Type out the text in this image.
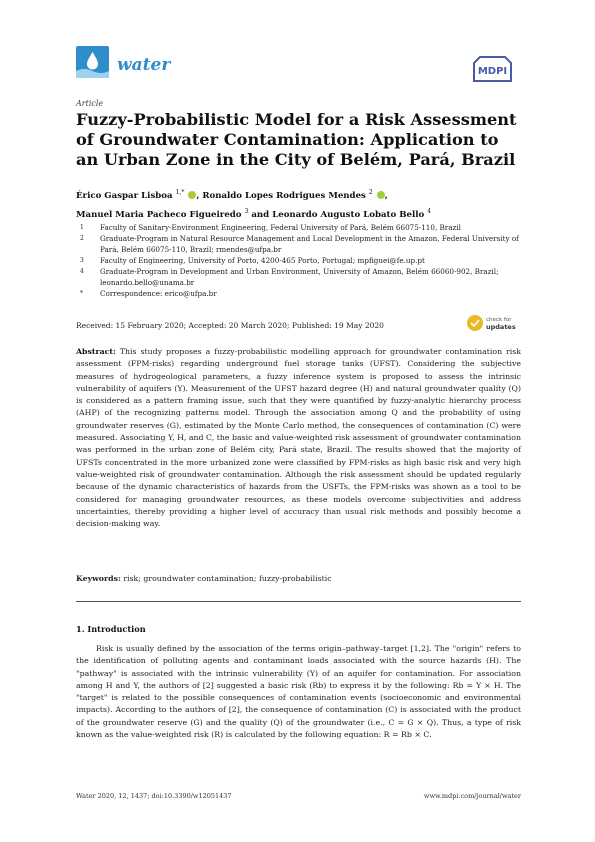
water	MDPI
Article
Fuzzy-Probabilistic Model for a Risk Assessment of Groundwater Contamination: Application to an Urban Zone in the City of Belém, Pará, Brazil
Érico Gaspar Lisboa $^{1,*}$ , Ronaldo Lopes Rodrigues Mendes $^2$ ,
Manuel Maria Pacheco Figueiredo $^3$ and Leonardo Augusto Lobato Bello $^4$
1	Faculty of Sanitary-Environment Engineering, Federal University of Pará, Belém 66075-110, Brazil
2	Graduate-Program in Natural Resource Management and Local Development in the Amazon, Federal University of Pará, Belém 66075-110, Brazil; rmendes@ufpa.br
3	Faculty of Engineering, University of Porto, 4200-465 Porto, Portugal; mpfiguei@fe.up.pt
4	Graduate-Program in Development and Urban Environment, University of Amazon, Belém 66060-902, Brazil; leonardo.bello@unama.br
*	Correspondence: erico@ufpa.br
Received: 15 February 2020; Accepted: 20 March 2020; Published: 19 May 2020
check for
updates
Abstract: This study proposes a fuzzy-probabilistic modelling approach for groundwater contamination risk assessment (FPM-risks) regarding underground fuel storage tanks (UFST). Considering the subjective measures of hydrogeological parameters, a fuzzy inference system is proposed to assess the intrinsic vulnerability of aquifers (Y). Measurement of the UFST hazard degree (H) and natural groundwater quality (Q) is considered as a pattern framing issue, such that they were quantified by fuzzy-analytic hierarchy process (AHP) of the recognizing patterns model. Through the association among Q and the probability of using groundwater reserves (G), estimated by the Monte Carlo method, the consequences of contamination (C) were measured. Associating Y, H, and C, the basic and value-weighted risk assessment of groundwater contamination was performed in the urban zone of Belém city, Pará state, Brazil. The results showed that the majority of UFSTs concentrated in the more urbanized zone were classified by FPM-risks as high basic risk and very high value-weighted risk of groundwater contamination. Although the risk assessment should be updated regularly because of the dynamic characteristics of hazards from the USFTs, the FPM-risks was shown as a tool to be considered for managing groundwater resources, as these models overcome subjectivities and address uncertainties, thereby providing a higher level of accuracy than usual risk methods and possibly become a decision-making way.
Keywords: risk; groundwater contamination; fuzzy-probabilistic
1. Introduction
Risk is usually defined by the association of the terms origin–pathway–target [1,2]. The "origin" refers to the identification of polluting agents and contaminant loads associated with the source hazards (H). The "pathway" is associated with the intrinsic vulnerability (Y) of an aquifer for contamination. For association among H and Y, the authors of [2] suggested a basic risk (Rb) to express it by the following: Rb = Y × H. The "target" is related to the possible consequences of contamination events (socioeconomic and environmental impacts). According to the authors of [2], the consequence of contamination (C) is associated with the product of the groundwater reserve (G) and the quality (Q) of the groundwater (i.e., C = G × Q). Thus, a type of risk known as the value-weighted risk (R) is calculated by the following equation: R = Rb × C.
Water 2020, 12, 1437; doi:10.3390/w12051437	www.mdpi.com/journal/water
